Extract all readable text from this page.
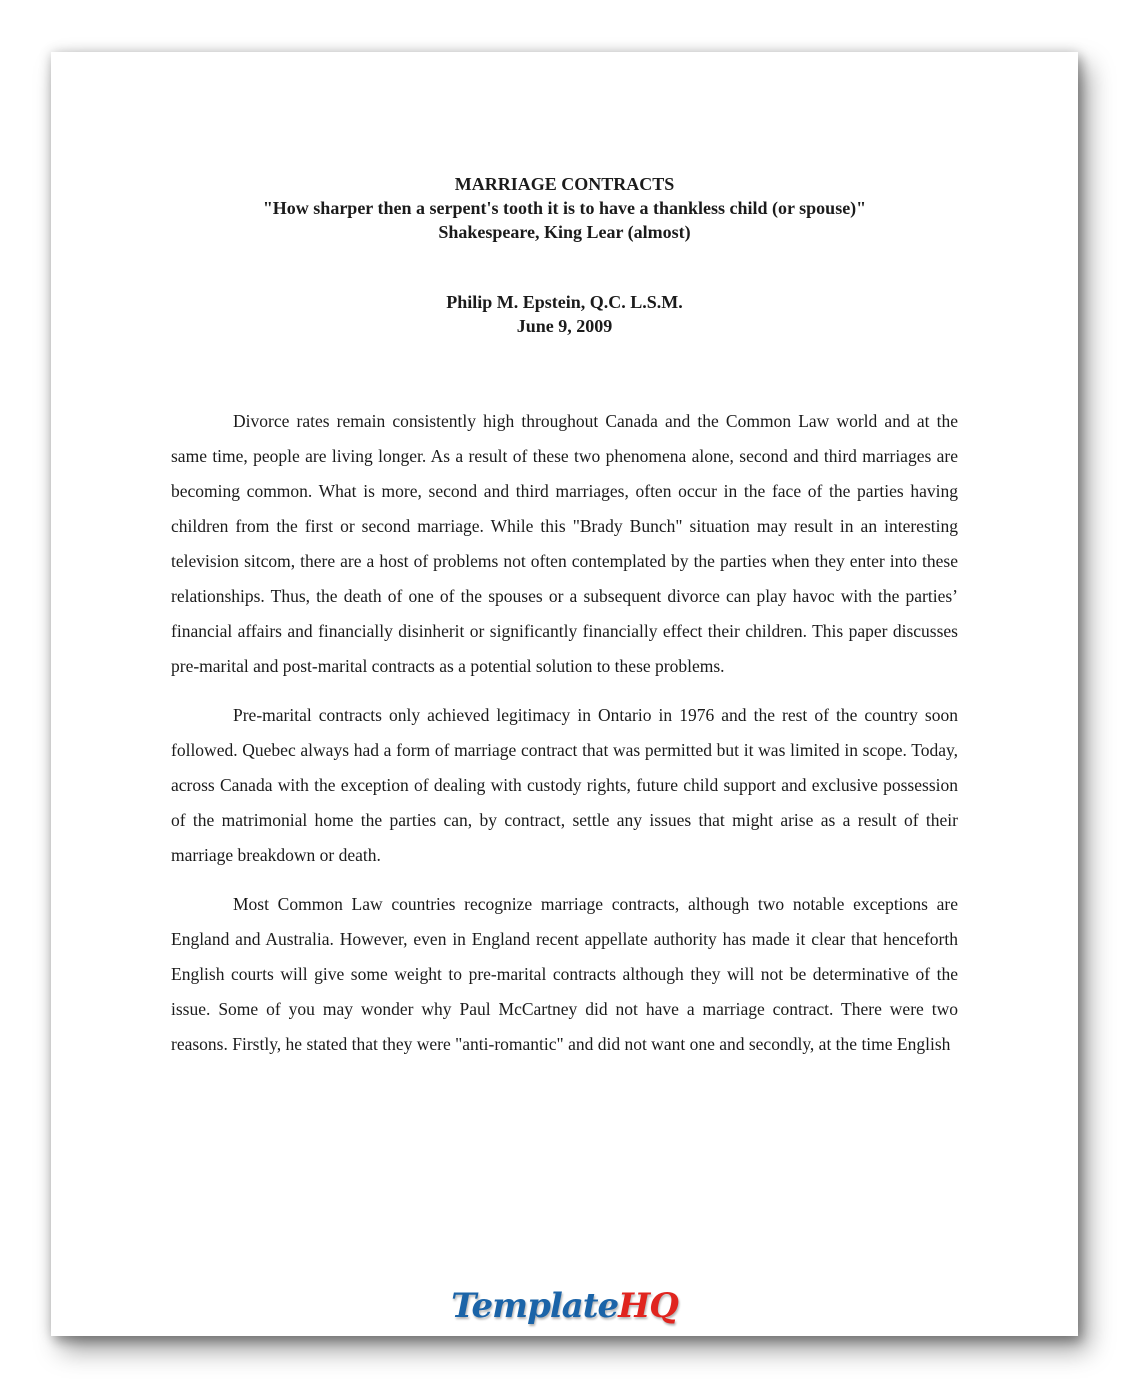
MARRIAGE CONTRACTS
"How sharper then a serpent's tooth it is to have a thankless child (or spouse)"
Shakespeare, King Lear (almost)
Philip M. Epstein, Q.C. L.S.M.
June 9, 2009

Divorce rates remain consistently high throughout Canada and the Common Law world and at the same time, people are living longer. As a result of these two phenomena alone, second and third marriages are becoming common. What is more, second and third marriages, often occur in the face of the parties having children from the first or second marriage. While this "Brady Bunch" situation may result in an interesting television sitcom, there are a host of problems not often contemplated by the parties when they enter into these relationships. Thus, the death of one of the spouses or a subsequent divorce can play havoc with the parties’ financial affairs and financially disinherit or significantly financially effect their children. This paper discusses pre-marital and post-marital contracts as a potential solution to these problems.

Pre-marital contracts only achieved legitimacy in Ontario in 1976 and the rest of the country soon followed. Quebec always had a form of marriage contract that was permitted but it was limited in scope. Today, across Canada with the exception of dealing with custody rights, future child support and exclusive possession of the matrimonial home the parties can, by contract, settle any issues that might arise as a result of their marriage breakdown or death.

Most Common Law countries recognize marriage contracts, although two notable exceptions are England and Australia. However, even in England recent appellate authority has made it clear that henceforth English courts will give some weight to pre-marital contracts although they will not be determinative of the issue. Some of you may wonder why Paul McCartney did not have a marriage contract. There were two reasons. Firstly, he stated that they were "anti-romantic" and did not want one and secondly, at the time English

TemplateHQ
